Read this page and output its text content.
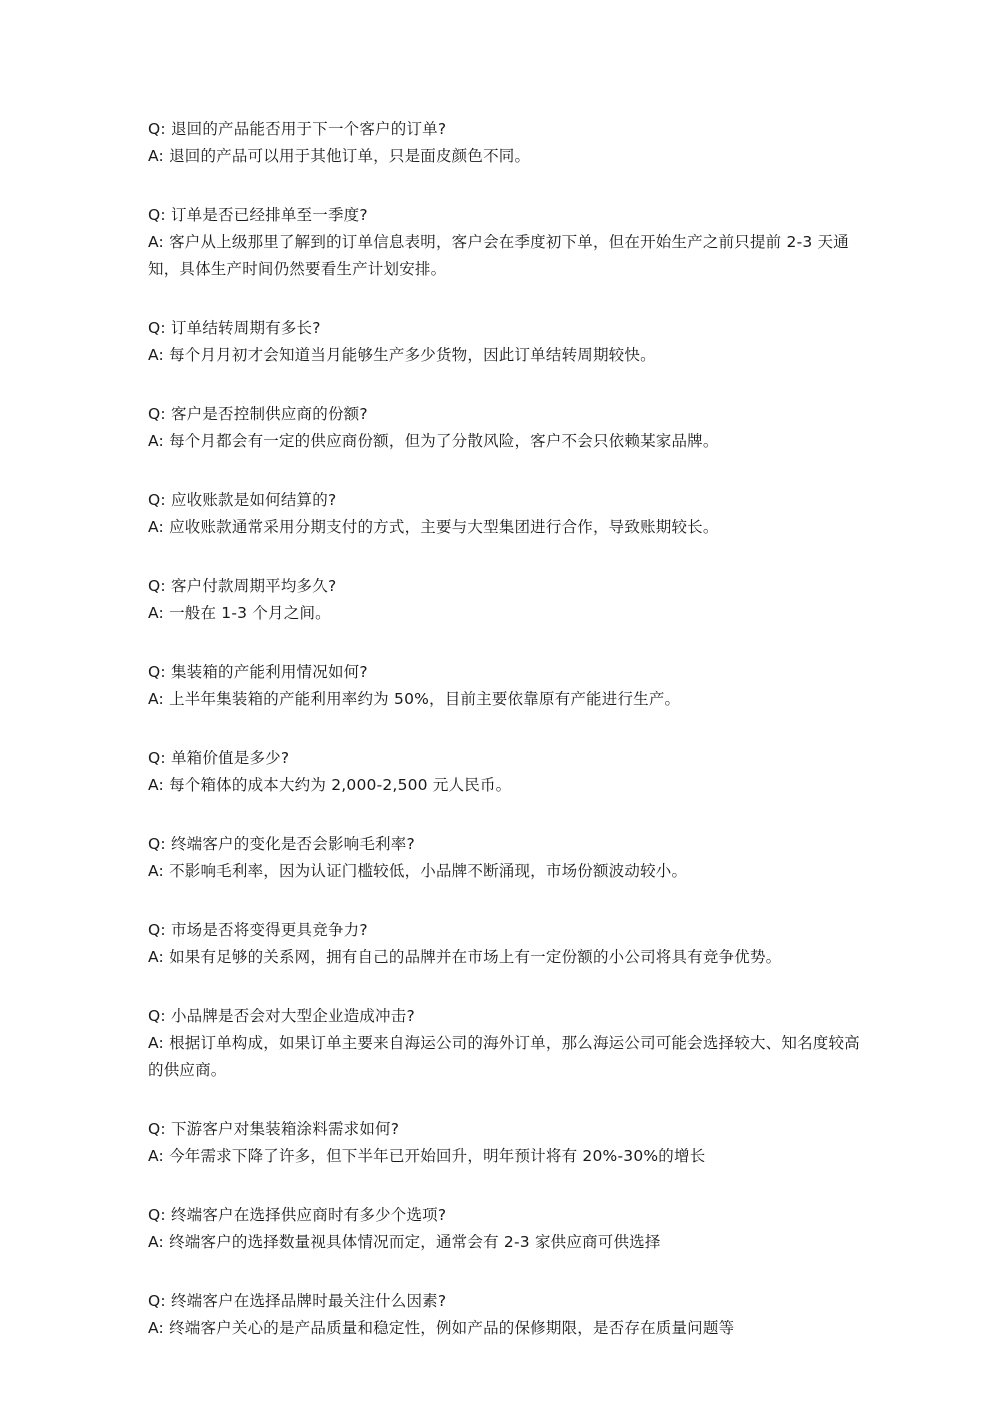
Q: 退回的产品能否用于下一个客户的订单?
A: 退回的产品可以用于其他订单，只是面皮颜色不同。
Q: 订单是否已经排单至一季度?
A: 客户从上级那里了解到的订单信息表明，客户会在季度初下单，但在开始生产之前只提前 2-3 天通知，具体生产时间仍然要看生产计划安排。
Q: 订单结转周期有多长?
A: 每个月月初才会知道当月能够生产多少货物，因此订单结转周期较快。
Q: 客户是否控制供应商的份额?
A: 每个月都会有一定的供应商份额，但为了分散风险，客户不会只依赖某家品牌。
Q: 应收账款是如何结算的?
A: 应收账款通常采用分期支付的方式，主要与大型集团进行合作，导致账期较长。
Q: 客户付款周期平均多久?
A: 一般在 1-3 个月之间。
Q: 集装箱的产能利用情况如何?
A: 上半年集装箱的产能利用率约为 50%，目前主要依靠原有产能进行生产。
Q: 单箱价值是多少?
A: 每个箱体的成本大约为 2,000-2,500 元人民币。
Q: 终端客户的变化是否会影响毛利率?
A: 不影响毛利率，因为认证门槛较低，小品牌不断涌现，市场份额波动较小。
Q: 市场是否将变得更具竞争力?
A: 如果有足够的关系网，拥有自己的品牌并在市场上有一定份额的小公司将具有竞争优势。
Q: 小品牌是否会对大型企业造成冲击?
A: 根据订单构成，如果订单主要来自海运公司的海外订单，那么海运公司可能会选择较大、知名度较高的供应商。
Q: 下游客户对集装箱涂料需求如何?
A: 今年需求下降了许多，但下半年已开始回升，明年预计将有 20%-30%的增长
Q: 终端客户在选择供应商时有多少个选项?
A: 终端客户的选择数量视具体情况而定，通常会有 2-3 家供应商可供选择
Q: 终端客户在选择品牌时最关注什么因素?
A: 终端客户关心的是产品质量和稳定性，例如产品的保修期限，是否存在质量问题等
